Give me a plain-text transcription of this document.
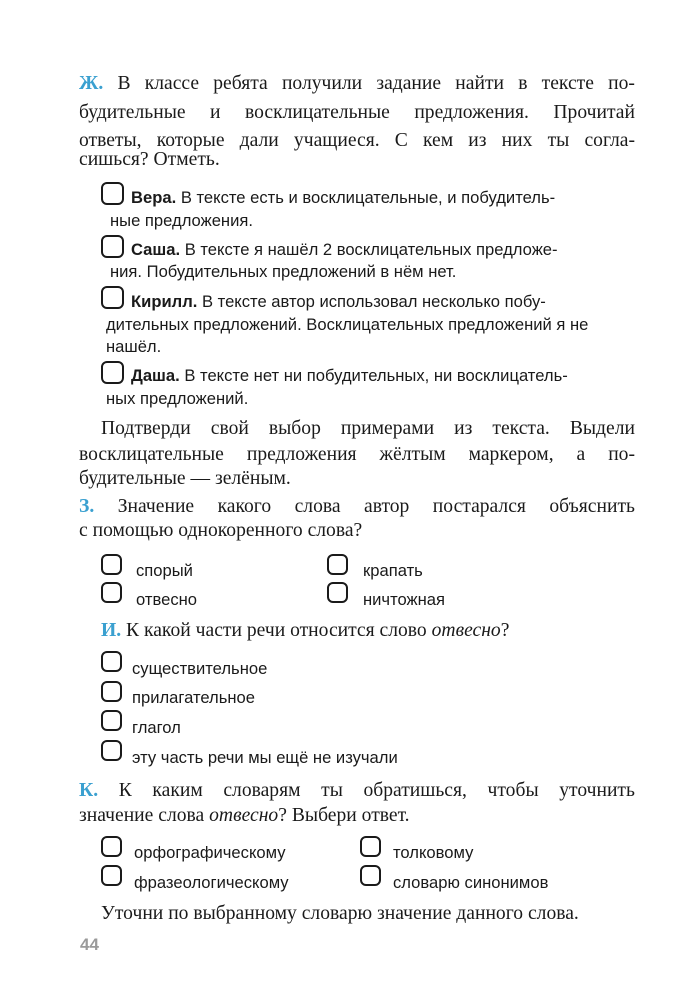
Ж. В классе ребята получили задание найти в тексте по-
будительные и восклицательные предложения. Прочитай
ответы, которые дали учащиеся. С кем из них ты согла-
сишься? Отметь.
Вера. В тексте есть и восклицательные, и побудитель-
ные предложения.
Саша. В тексте я нашёл 2 восклицательных предложе-
ния. Побудительных предложений в нём нет.
Кирилл. В тексте автор использовал несколько побу-
дительных предложений. Восклицательных предложений я не
нашёл.
Даша. В тексте нет ни побудительных, ни восклицатель-
ных предложений.
Подтверди свой выбор примерами из текста. Выдели
восклицательные предложения жёлтым маркером, а по-
будительные — зелёным.
З. Значение какого слова автор постарался объяснить
с помощью однокоренного слова?
спорый	крапать
отвесно	ничтожная
И. К какой части речи относится слово отвесно?
существительное
прилагательное
глагол
эту часть речи мы ещё не изучали
К. К каким словарям ты обратишься, чтобы уточнить
значение слова отвесно? Выбери ответ.
орфографическому	толковому
фразеологическому	словарю синонимов
Уточни по выбранному словарю значение данного слова.
44
